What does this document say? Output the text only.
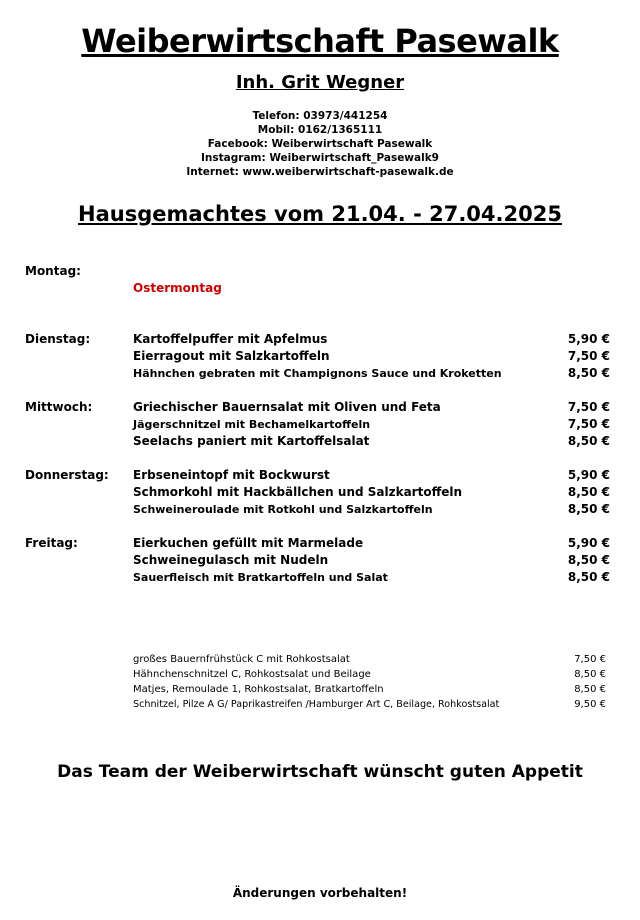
Weiberwirtschaft Pasewalk
Inh. Grit Wegner
Telefon: 03973/441254
Mobil: 0162/1365111
Facebook: Weiberwirtschaft Pasewalk
Instagram: Weiberwirtschaft_Pasewalk9
Internet: www.weiberwirtschaft-pasewalk.de
Hausgemachtes vom 21.04. - 27.04.2025
Montag:
Ostermontag
Dienstag:	Kartoffelpuffer mit Apfelmus	5,90 €
Eierragout mit Salzkartoffeln	7,50 €
Hähnchen gebraten mit Champignons Sauce und Kroketten	8,50 €
Mittwoch:	Griechischer Bauernsalat mit Oliven und Feta	7,50 €
Jägerschnitzel mit Bechamelkartoffeln	7,50 €
Seelachs paniert mit Kartoffelsalat	8,50 €
Donnerstag: Erbseneintopf mit Bockwurst	5,90 €
Schmorkohl mit Hackbällchen und Salzkartoffeln	8,50 €
Schweineroulade mit Rotkohl und Salzkartoffeln	8,50 €
Freitag:	Eierkuchen gefüllt mit Marmelade	5,90 €
Schweinegulasch mit Nudeln	8,50 €
Sauerfleisch mit Bratkartoffeln und Salat	8,50 €
großes Bauernfrühstück C mit Rohkostsalat	7,50 €
Hähnchenschnitzel C, Rohkostsalat und Beilage	8,50 €
Matjes, Remoulade 1, Rohkostsalat, Bratkartoffeln	8,50 €
Schnitzel, Pilze A G/ Paprikastreifen /Hamburger Art C, Beilage, Rohkostsalat	9,50 €
Das Team der Weiberwirtschaft wünscht guten Appetit
Änderungen vorbehalten!
